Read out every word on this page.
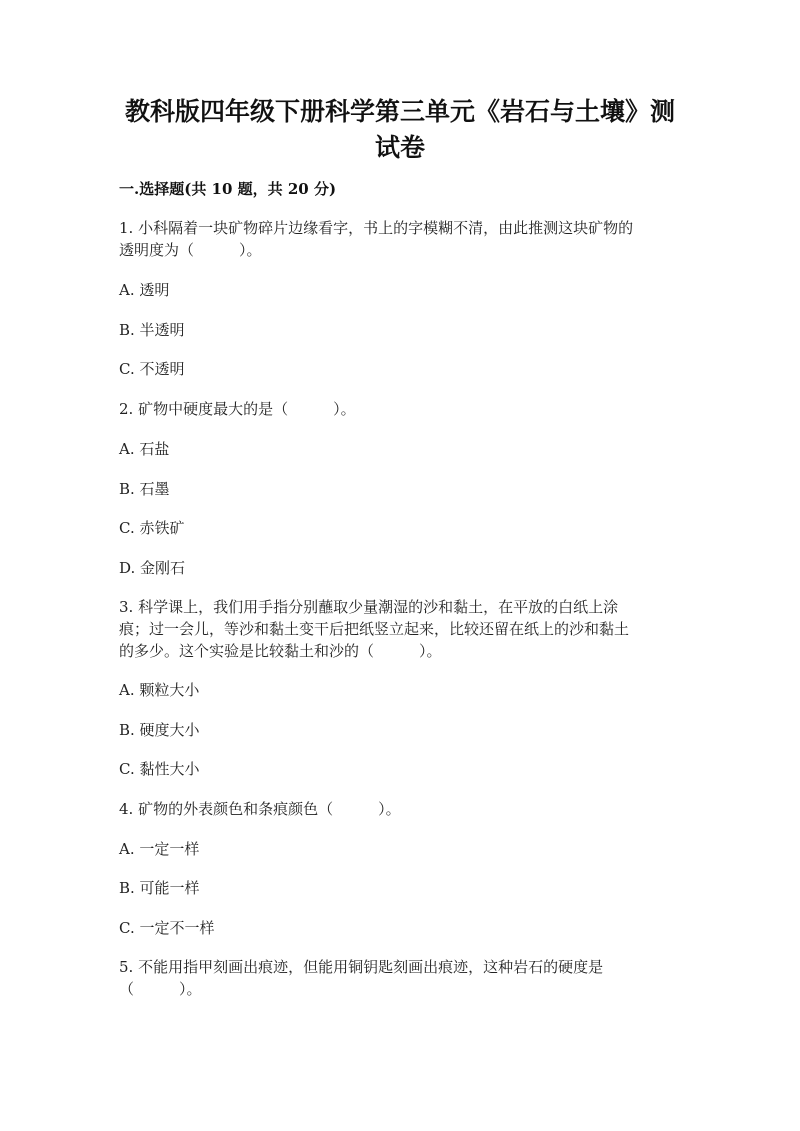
教科版四年级下册科学第三单元《岩石与土壤》测
试卷
一.选择题(共 10 题，共 20 分)
1. 小科隔着一块矿物碎片边缘看字，书上的字模糊不清，由此推测这块矿物的
透明度为（　　　）。
A. 透明
B. 半透明
C. 不透明
2. 矿物中硬度最大的是（　　　）。
A. 石盐
B. 石墨
C. 赤铁矿
D. 金刚石
3. 科学课上，我们用手指分别蘸取少量潮湿的沙和黏土，在平放的白纸上涂
痕；过一会儿，等沙和黏土变干后把纸竖立起来，比较还留在纸上的沙和黏土
的多少。这个实验是比较黏土和沙的（　　　）。
A. 颗粒大小
B. 硬度大小
C. 黏性大小
4. 矿物的外表颜色和条痕颜色（　　　）。
A. 一定一样
B. 可能一样
C. 一定不一样
5. 不能用指甲刻画出痕迹，但能用铜钥匙刻画出痕迹，这种岩石的硬度是
（　　　）。
